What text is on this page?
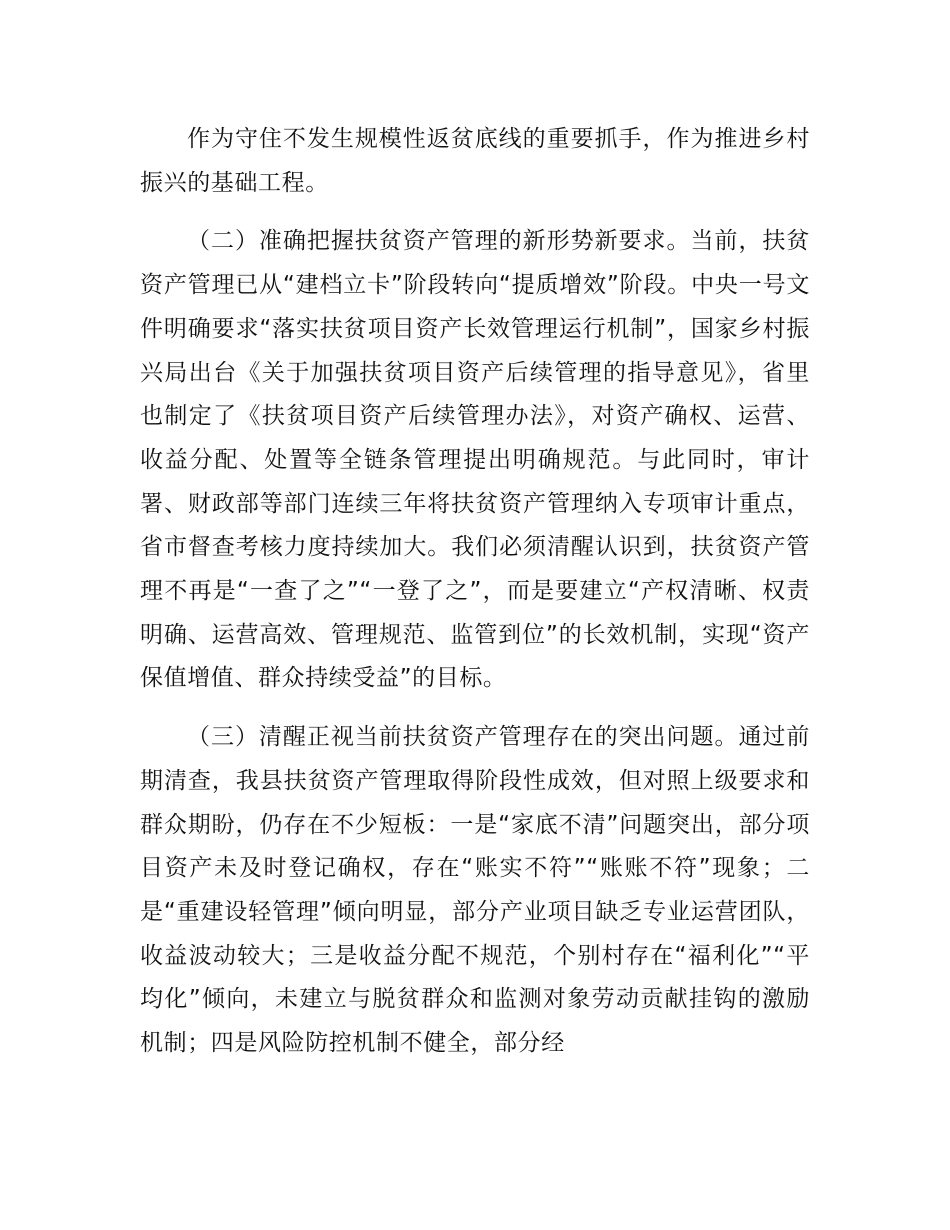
作为守住不发生规模性返贫底线的重要抓手，作为推进乡村振兴的基础工程。

（二）准确把握扶贫资产管理的新形势新要求。当前，扶贫资产管理已从“建档立卡”阶段转向“提质增效”阶段。中央一号文件明确要求“落实扶贫项目资产长效管理运行机制”，国家乡村振兴局出台《关于加强扶贫项目资产后续管理的指导意见》，省里也制定了《扶贫项目资产后续管理办法》，对资产确权、运营、收益分配、处置等全链条管理提出明确规范。与此同时，审计署、财政部等部门连续三年将扶贫资产管理纳入专项审计重点，省市督查考核力度持续加大。我们必须清醒认识到，扶贫资产管理不再是“一查了之”“一登了之”，而是要建立“产权清晰、权责明确、运营高效、管理规范、监管到位”的长效机制，实现“资产保值增值、群众持续受益”的目标。

（三）清醒正视当前扶贫资产管理存在的突出问题。通过前期清查，我县扶贫资产管理取得阶段性成效，但对照上级要求和群众期盼，仍存在不少短板：一是“家底不清”问题突出，部分项目资产未及时登记确权，存在“账实不符”“账账不符”现象；二是“重建设轻管理”倾向明显，部分产业项目缺乏专业运营团队，收益波动较大；三是收益分配不规范，个别村存在“福利化”“平均化”倾向，未建立与脱贫群众和监测对象劳动贡献挂钩的激励机制；四是风险防控机制不健全，部分经
